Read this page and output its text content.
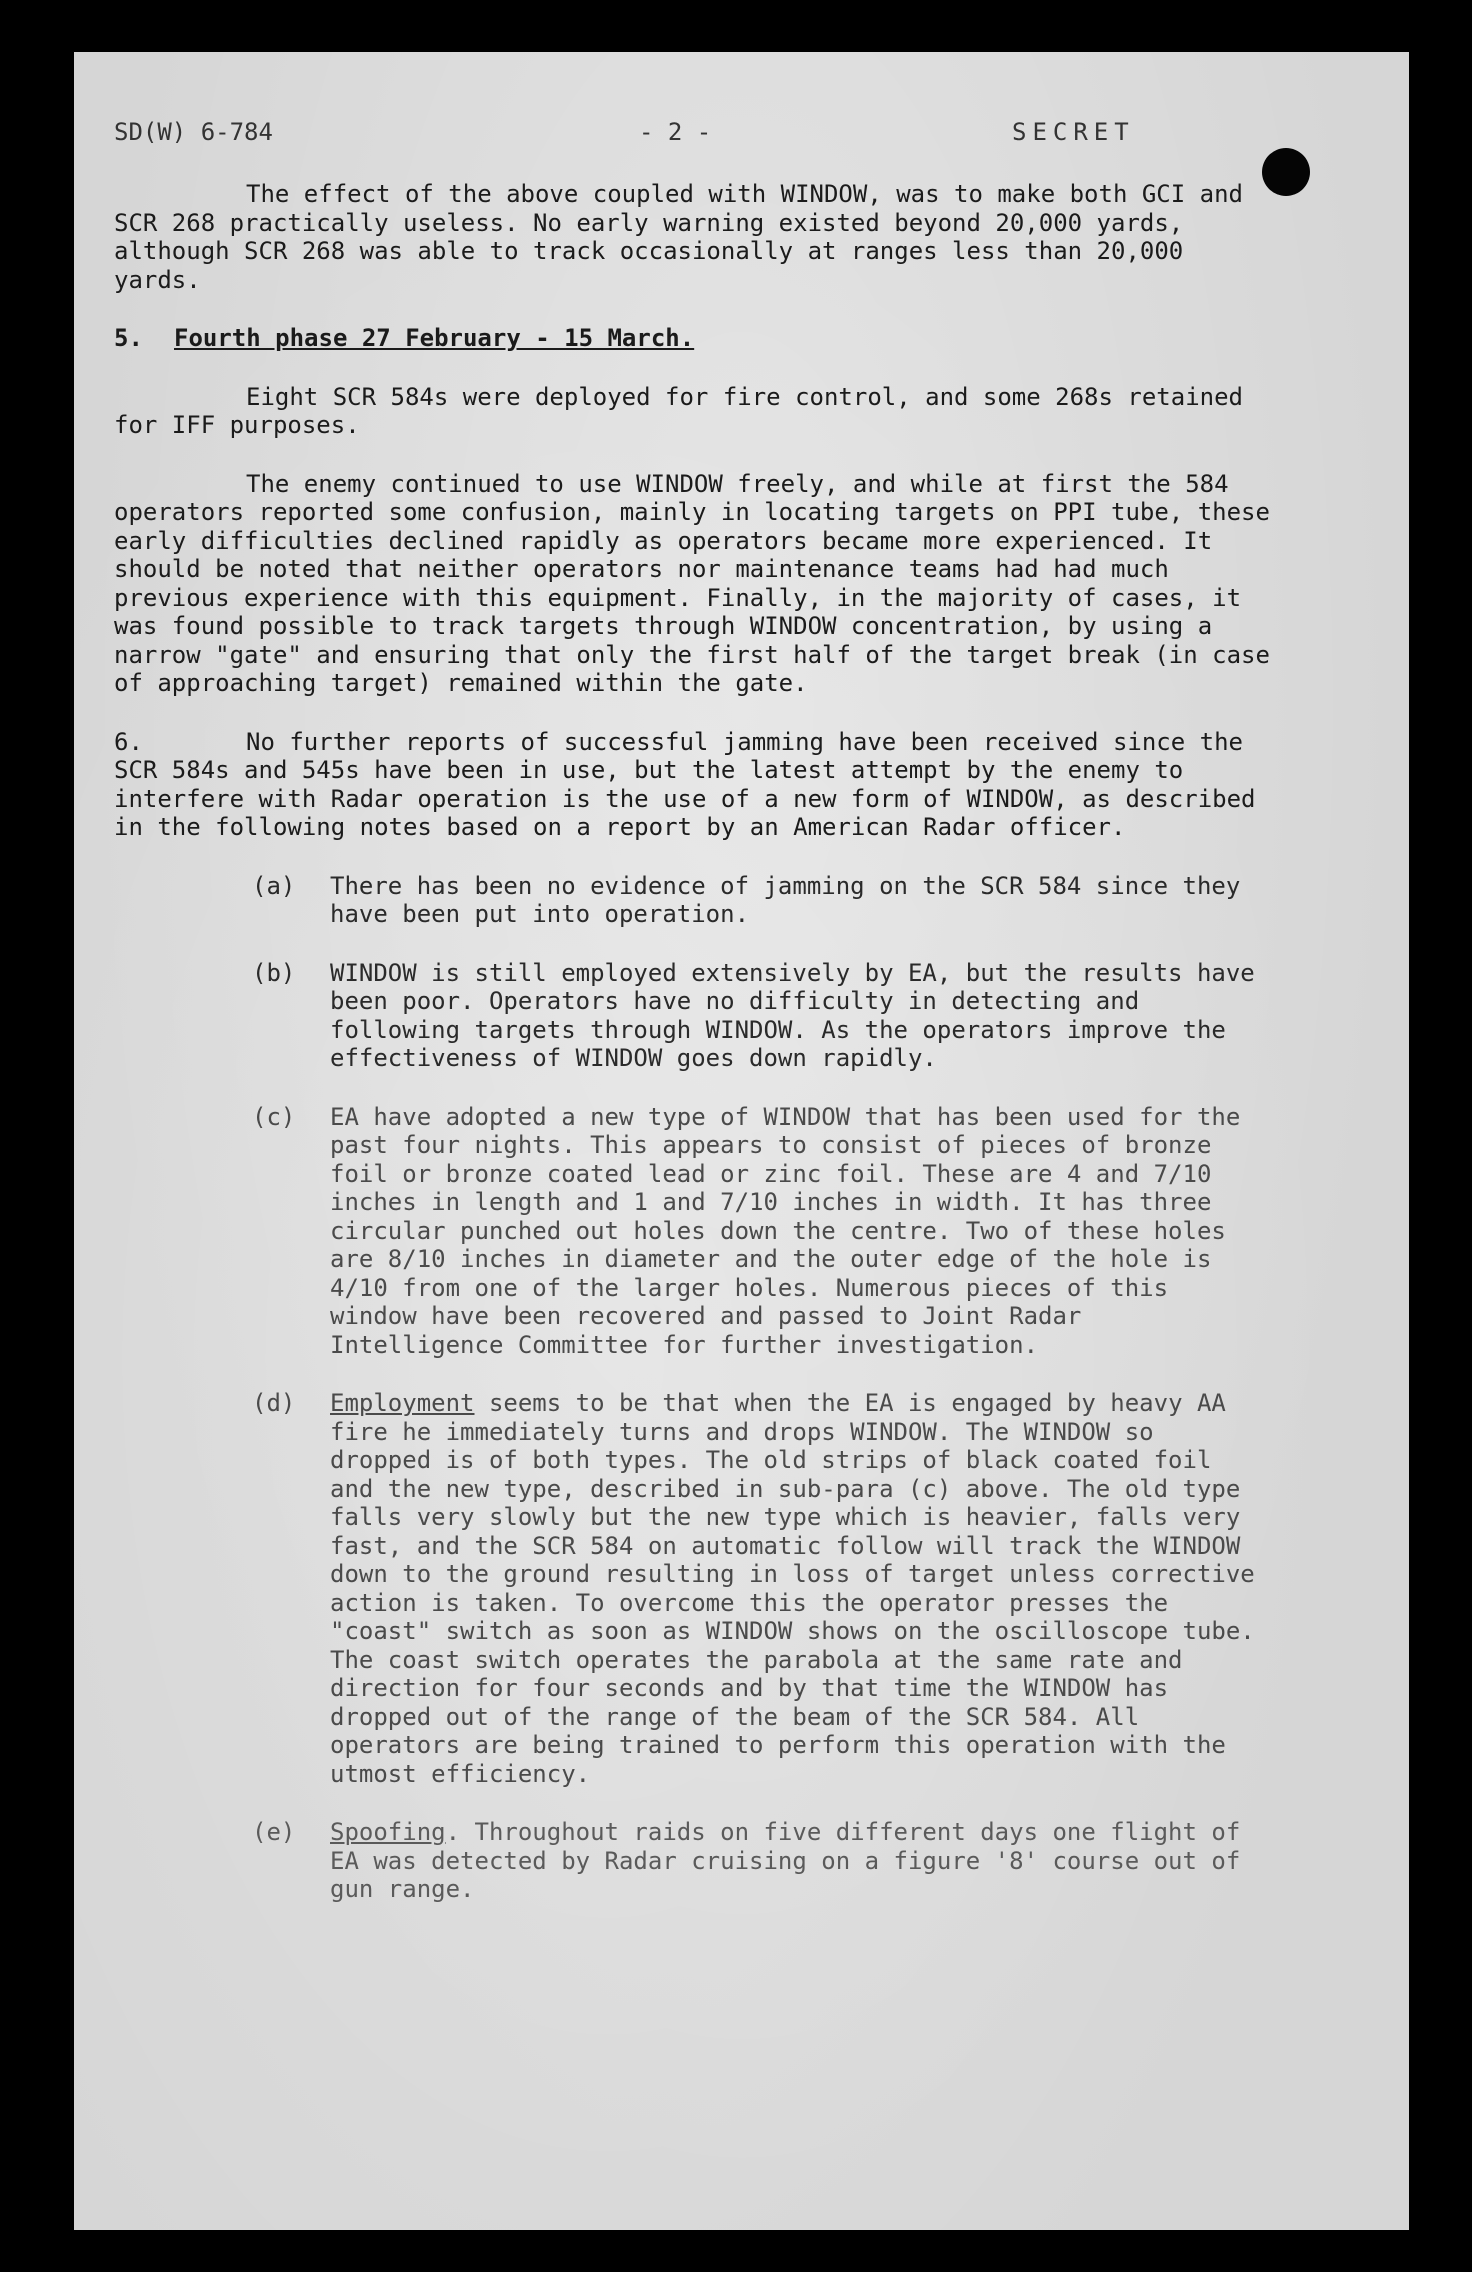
SD(W) 6-784	- 2 -	SECRET

The effect of the above coupled with WINDOW, was to make both GCI and SCR 268 practically useless. No early warning existed beyond 20,000 yards, although SCR 268 was able to track occasionally at ranges less than 20,000 yards.

5. Fourth phase 27 February - 15 March.

Eight SCR 584s were deployed for fire control, and some 268s retained for IFF purposes.

The enemy continued to use WINDOW freely, and while at first the 584 operators reported some confusion, mainly in locating targets on PPI tube, these early difficulties declined rapidly as operators became more experienced. It should be noted that neither operators nor maintenance teams had had much previous experience with this equipment. Finally, in the majority of cases, it was found possible to track targets through WINDOW concentration, by using a narrow "gate" and ensuring that only the first half of the target break (in case of approaching target) remained within the gate.

6.	No further reports of successful jamming have been received since the SCR 584s and 545s have been in use, but the latest attempt by the enemy to interfere with Radar operation is the use of a new form of WINDOW, as described in the following notes based on a report by an American Radar officer.

(a)	There has been no evidence of jamming on the SCR 584 since they have been put into operation.
(b)	WINDOW is still employed extensively by EA, but the results have been poor. Operators have no difficulty in detecting and following targets through WINDOW. As the operators improve the effectiveness of WINDOW goes down rapidly.
(c)	EA have adopted a new type of WINDOW that has been used for the past four nights. This appears to consist of pieces of bronze foil or bronze coated lead or zinc foil. These are 4 and 7/10 inches in length and 1 and 7/10 inches in width. It has three circular punched out holes down the centre. Two of these holes are 8/10 inches in diameter and the outer edge of the hole is 4/10 from one of the larger holes. Numerous pieces of this window have been recovered and passed to Joint Radar Intelligence Committee for further investigation.
(d)	Employment seems to be that when the EA is engaged by heavy AA fire he immediately turns and drops WINDOW. The WINDOW so dropped is of both types. The old strips of black coated foil and the new type, described in sub-para (c) above. The old type falls very slowly but the new type which is heavier, falls very fast, and the SCR 584 on automatic follow will track the WINDOW down to the ground resulting in loss of target unless corrective action is taken. To overcome this the operator presses the "coast" switch as soon as WINDOW shows on the oscilloscope tube. The coast switch operates the parabola at the same rate and direction for four seconds and by that time the WINDOW has dropped out of the range of the beam of the SCR 584. All operators are being trained to perform this operation with the utmost efficiency.
(e)	Spoofing. Throughout raids on five different days one flight of EA was detected by Radar cruising on a figure '8' course out of gun range.
